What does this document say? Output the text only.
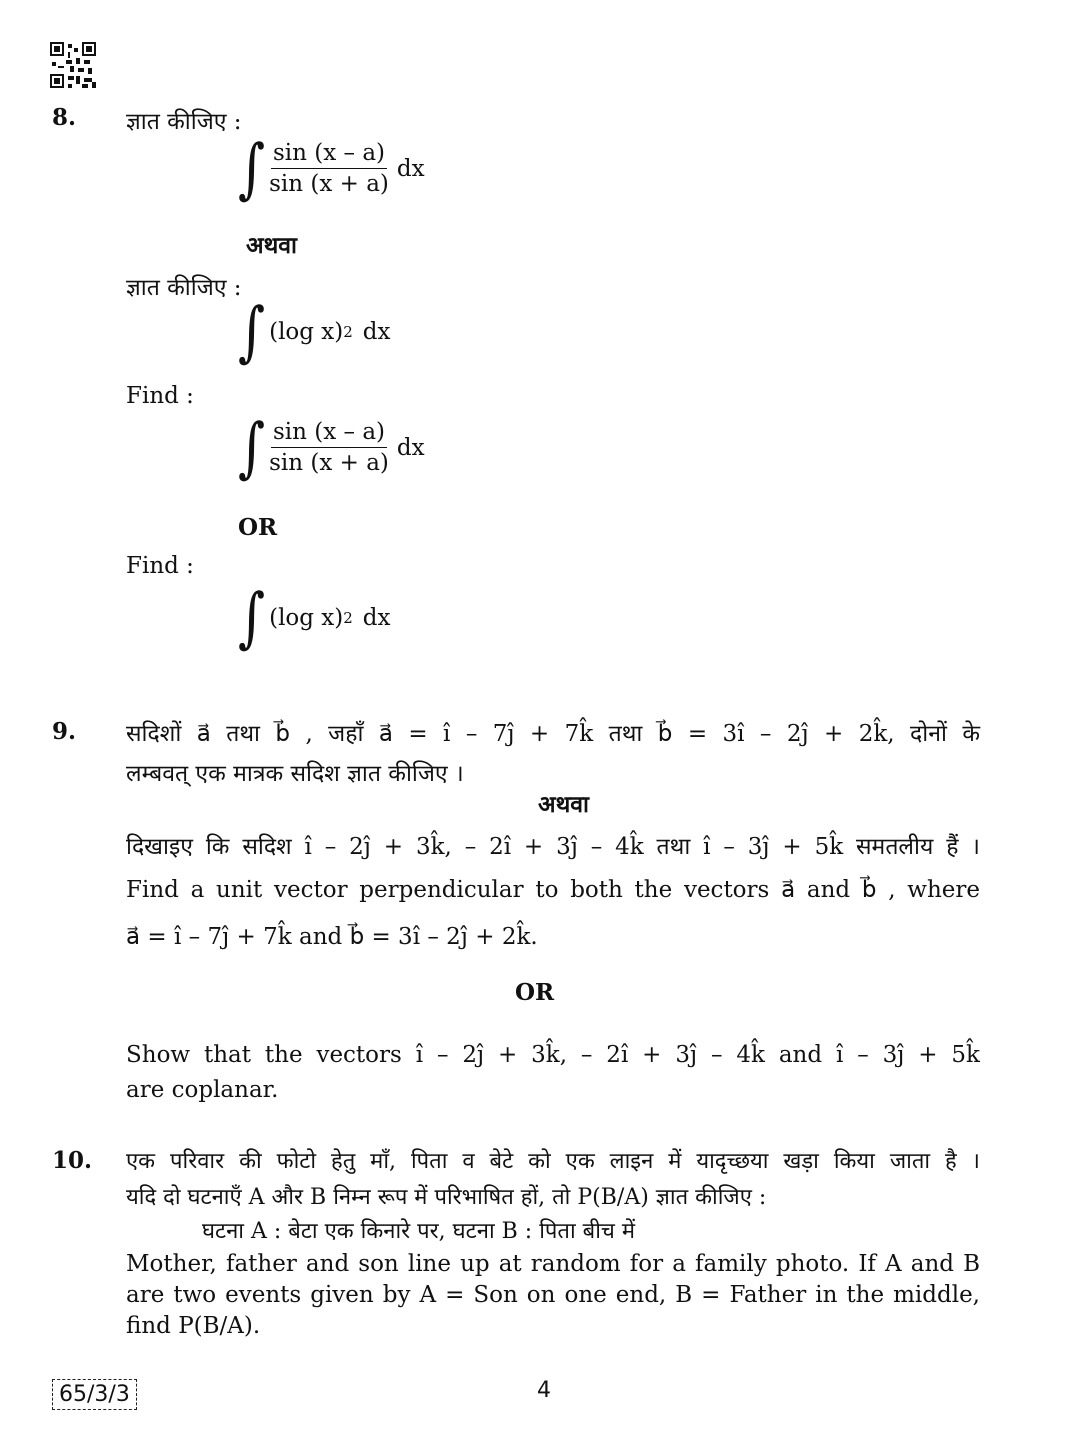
8. ज्ञात कीजिए :
∫ $\frac{\sin (x - a)}{\sin (x + a)}$ dx
अथवा
ज्ञात कीजिए :
∫ (log x) 2 dx
Find :
∫ $\frac{\sin (x - a)}{\sin (x + a)}$ dx
OR
Find :
∫ (log x) 2 dx
9. सदिशों a⃗ तथा b⃗ , जहाँ a⃗ = î – 7ĵ + 7k̂ तथा b⃗ = 3î – 2ĵ + 2k̂, दोनों के
लम्बवत् एक मात्रक सदिश ज्ञात कीजिए ।
अथवा
दिखाइए कि सदिश î – 2ĵ + 3k̂, – 2î + 3ĵ – 4k̂ तथा î – 3ĵ + 5k̂ समतलीय हैं ।
Find a unit vector perpendicular to both the vectors a⃗ and b⃗ , where
a⃗ = î – 7ĵ + 7k̂ and b⃗ = 3î – 2ĵ + 2k̂.
OR
Show that the vectors î – 2ĵ + 3k̂, – 2î + 3ĵ – 4k̂ and î – 3ĵ + 5k̂
are coplanar.
10. एक परिवार की फोटो हेतु माँ, पिता व बेटे को एक लाइन में यादृच्छया खड़ा किया जाता है ।
यदि दो घटनाएँ A और B निम्न रूप में परिभाषित हों, तो P(B/A) ज्ञात कीजिए :
घटना A : बेटा एक किनारे पर, घटना B : पिता बीच में
Mother, father and son line up at random for a family photo. If A and B
are two events given by A = Son on one end, B = Father in the middle,
find P(B/A).
65/3/3	4
